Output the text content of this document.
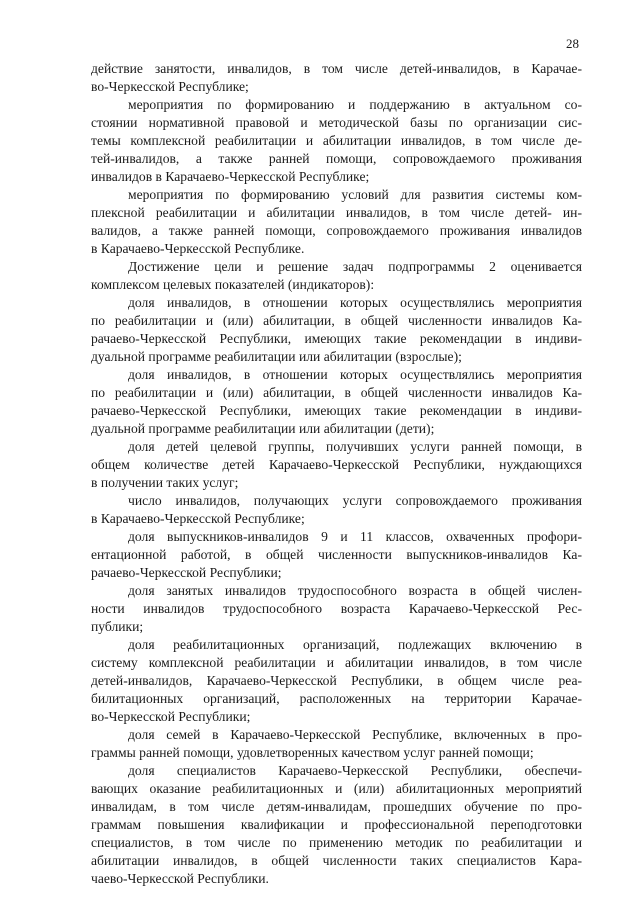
28
действие занятости, инвалидов, в том числе детей-инвалидов, в Карачае-
во-Черкесской Республике;
мероприятия по формированию и поддержанию в актуальном со-
стоянии нормативной правовой и методической базы по организации сис-
темы комплексной реабилитации и абилитации инвалидов, в том числе де-
тей-инвалидов, а также ранней помощи, сопровождаемого проживания
инвалидов в Карачаево-Черкесской Республике;
мероприятия по формированию условий для развития системы ком-
плексной реабилитации и абилитации инвалидов, в том числе детей- ин-
валидов, а также ранней помощи, сопровождаемого проживания инвалидов
в Карачаево-Черкесской Республике.
Достижение цели и решение задач подпрограммы 2 оценивается
комплексом целевых показателей (индикаторов):
доля инвалидов, в отношении которых осуществлялись мероприятия
по реабилитации и (или) абилитации, в общей численности инвалидов Ка-
рачаево-Черкесской Республики, имеющих такие рекомендации в индиви-
дуальной программе реабилитации или абилитации (взрослые);
доля инвалидов, в отношении которых осуществлялись мероприятия
по реабилитации и (или) абилитации, в общей численности инвалидов Ка-
рачаево-Черкесской Республики, имеющих такие рекомендации в индиви-
дуальной программе реабилитации или абилитации (дети);
доля детей целевой группы, получивших услуги ранней помощи, в
общем количестве детей Карачаево-Черкесской Республики, нуждающихся
в получении таких услуг;
число инвалидов, получающих услуги сопровождаемого проживания
в Карачаево-Черкесской Республике;
доля выпускников-инвалидов 9 и 11 классов, охваченных профори-
ентационной работой, в общей численности выпускников-инвалидов Ка-
рачаево-Черкесской Республики;
доля занятых инвалидов трудоспособного возраста в общей числен-
ности инвалидов трудоспособного возраста Карачаево-Черкесской Рес-
публики;
доля реабилитационных организаций, подлежащих включению в
систему комплексной реабилитации и абилитации инвалидов, в том числе
детей-инвалидов, Карачаево-Черкесской Республики, в общем числе реа-
билитационных организаций, расположенных на территории Карачае-
во-Черкесской Республики;
доля семей в Карачаево-Черкесской Республике, включенных в про-
граммы ранней помощи, удовлетворенных качеством услуг ранней помощи;
доля специалистов Карачаево-Черкесской Республики, обеспечи-
вающих оказание реабилитационных и (или) абилитационных мероприятий
инвалидам, в том числе детям-инвалидам, прошедших обучение по про-
граммам повышения квалификации и профессиональной переподготовки
специалистов, в том числе по применению методик по реабилитации и
абилитации инвалидов, в общей численности таких специалистов Кара-
чаево-Черкесской Республики.
